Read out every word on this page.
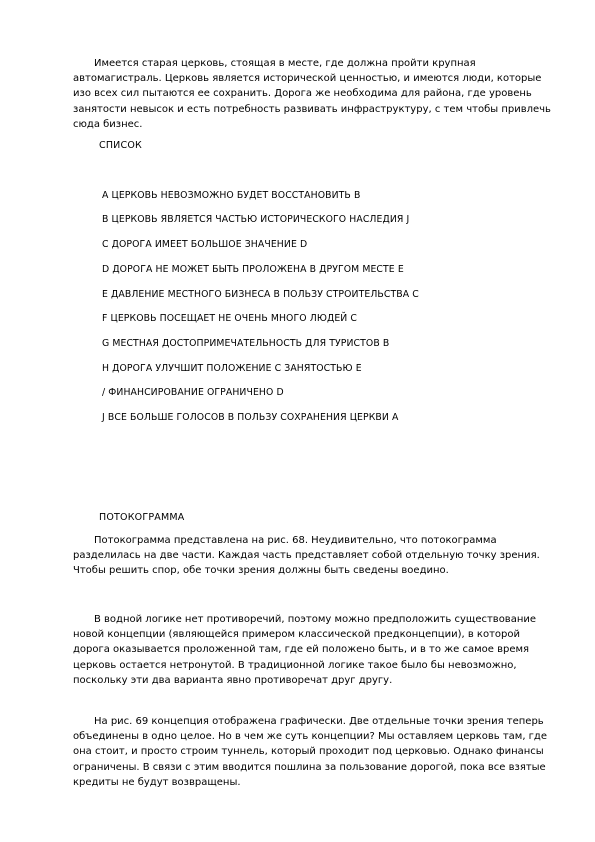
Имеется старая церковь, стоящая в месте, где должна пройти крупная автомагистраль. Церковь является исторической ценностью, и имеются люди, которые изо всех сил пытаются ее сохранить. Дорога же необходима для района, где уровень занятости невысок и есть потребность развивать инфраструктуру, с тем чтобы привлечь сюда бизнес.

СПИСОК

А ЦЕРКОВЬ НЕВОЗМОЖНО БУДЕТ ВОССТАНОВИТЬ В

В ЦЕРКОВЬ ЯВЛЯЕТСЯ ЧАСТЬЮ ИСТОРИЧЕСКОГО НАСЛЕДИЯ J

С ДОРОГА ИМЕЕТ БОЛЬШОЕ ЗНАЧЕНИЕ D

D ДОРОГА НЕ МОЖЕТ БЫТЬ ПРОЛОЖЕНА В ДРУГОМ МЕСТЕ Е

Е ДАВЛЕНИЕ МЕСТНОГО БИЗНЕСА В ПОЛЬЗУ СТРОИТЕЛЬСТВА С

F ЦЕРКОВЬ ПОСЕЩАЕТ НЕ ОЧЕНЬ МНОГО ЛЮДЕЙ С

G МЕСТНАЯ ДОСТОПРИМЕЧАТЕЛЬНОСТЬ ДЛЯ ТУРИСТОВ В

Н ДОРОГА УЛУЧШИТ ПОЛОЖЕНИЕ С ЗАНЯТОСТЬЮ Е

/ ФИНАНСИРОВАНИЕ ОГРАНИЧЕНО D

J ВСЕ БОЛЬШЕ ГОЛОСОВ В ПОЛЬЗУ СОХРАНЕНИЯ ЦЕРКВИ А

ПОТОКОГРАММА

Потокограмма представлена на рис. 68. Неудивительно, что потокограмма разделилась на две части. Каждая часть представляет собой отдельную точку зрения. Чтобы решить спор, обе точки зрения должны быть сведены воедино.

В водной логике нет противоречий, поэтому можно предположить существование новой концепции (являющейся примером классической предконцепции), в которой дорога оказывается проложенной там, где ей положено быть, и в то же самое время церковь остается нетронутой. В традиционной логике такое было бы невозможно, поскольку эти два варианта явно противоречат друг другу.

На рис. 69 концепция отображена графически. Две отдельные точки зрения теперь объединены в одно целое. Но в чем же суть концепции? Мы оставляем церковь там, где она стоит, и просто строим туннель, который проходит под церковью. Однако финансы ограничены. В связи с этим вводится пошлина за пользование дорогой, пока все взятые кредиты не будут возвращены.
